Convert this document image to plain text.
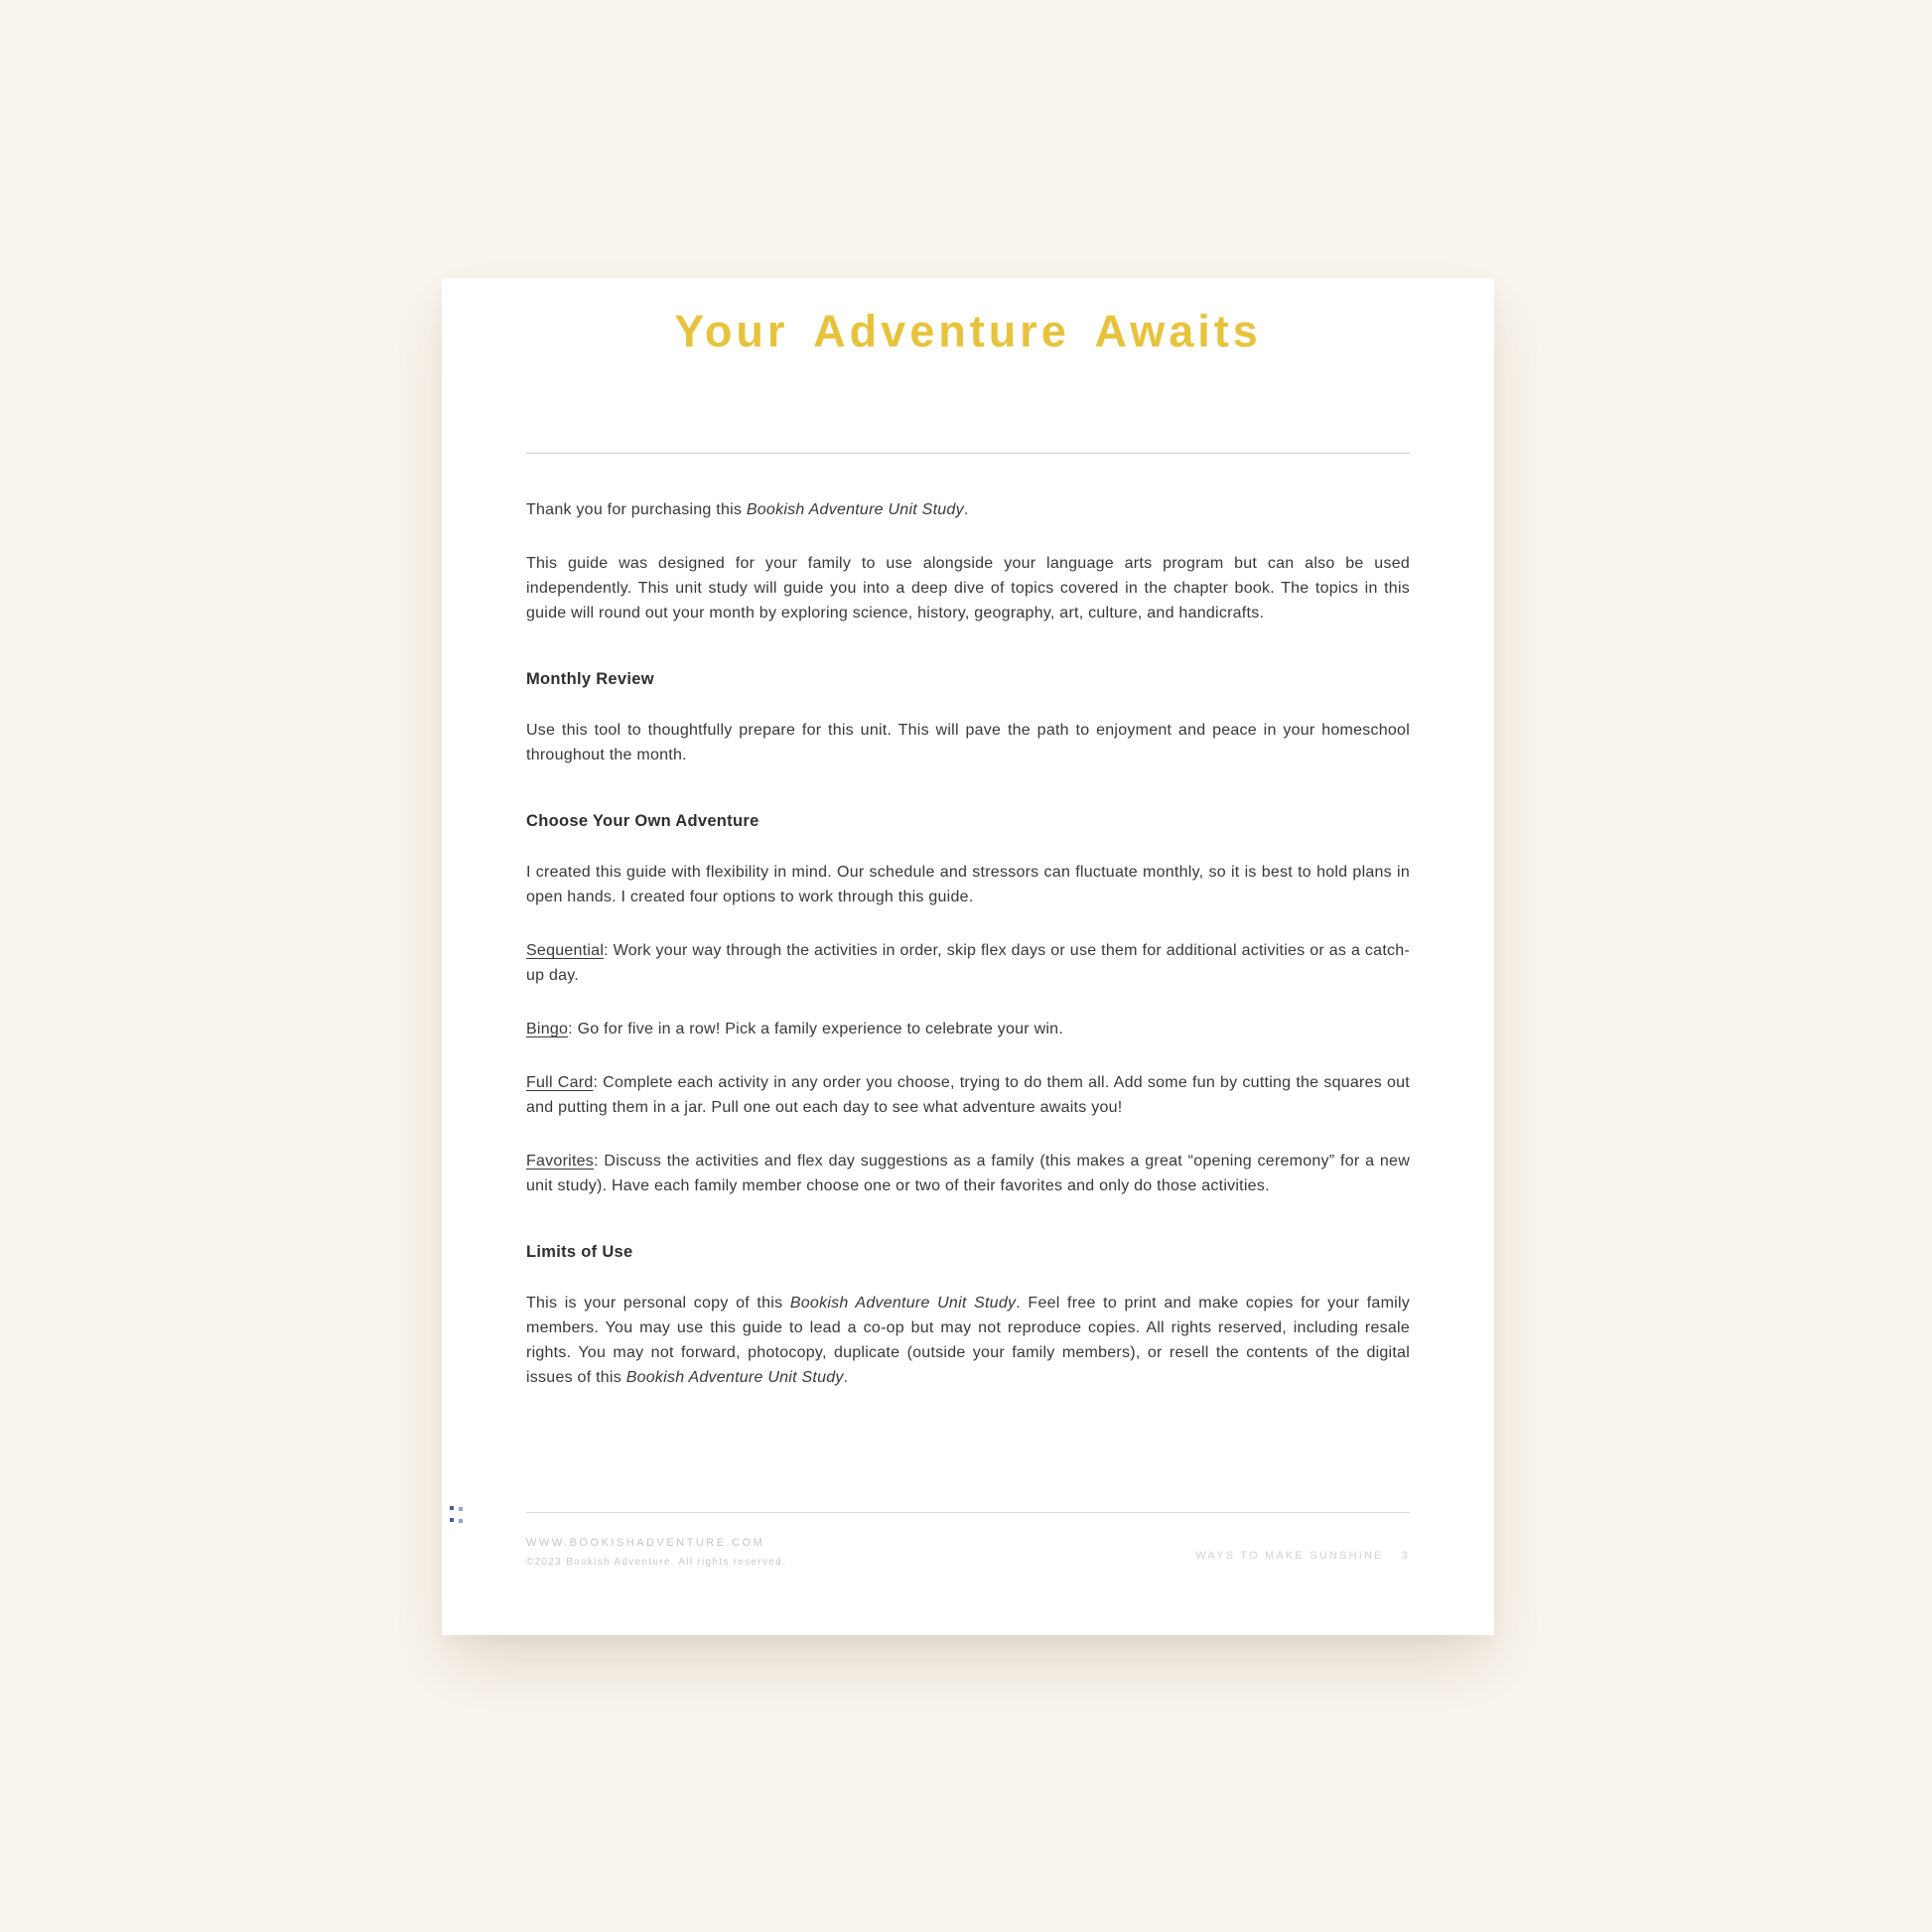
Your Adventure Awaits

Thank you for purchasing this Bookish Adventure Unit Study.

This guide was designed for your family to use alongside your language arts program but can also be used independently. This unit study will guide you into a deep dive of topics covered in the chapter book. The topics in this guide will round out your month by exploring science, history, geography, art, culture, and handicrafts.

Monthly Review

Use this tool to thoughtfully prepare for this unit. This will pave the path to enjoyment and peace in your homeschool throughout the month.

Choose Your Own Adventure

I created this guide with flexibility in mind. Our schedule and stressors can fluctuate monthly, so it is best to hold plans in open hands. I created four options to work through this guide.

Sequential: Work your way through the activities in order, skip flex days or use them for additional activities or as a catch-up day.

Bingo: Go for five in a row! Pick a family experience to celebrate your win.

Full Card: Complete each activity in any order you choose, trying to do them all. Add some fun by cutting the squares out and putting them in a jar. Pull one out each day to see what adventure awaits you!

Favorites: Discuss the activities and flex day suggestions as a family (this makes a great “opening ceremony” for a new unit study). Have each family member choose one or two of their favorites and only do those activities.

Limits of Use

This is your personal copy of this Bookish Adventure Unit Study. Feel free to print and make copies for your family members. You may use this guide to lead a co-op but may not reproduce copies. All rights reserved, including resale rights. You may not forward, photocopy, duplicate (outside your family members), or resell the contents of the digital issues of this Bookish Adventure Unit Study.

WWW.BOOKISHADVENTURE.COM
©2023 Bookish Adventure. All rights reserved.
WAYS TO MAKE SUNSHINE 3
